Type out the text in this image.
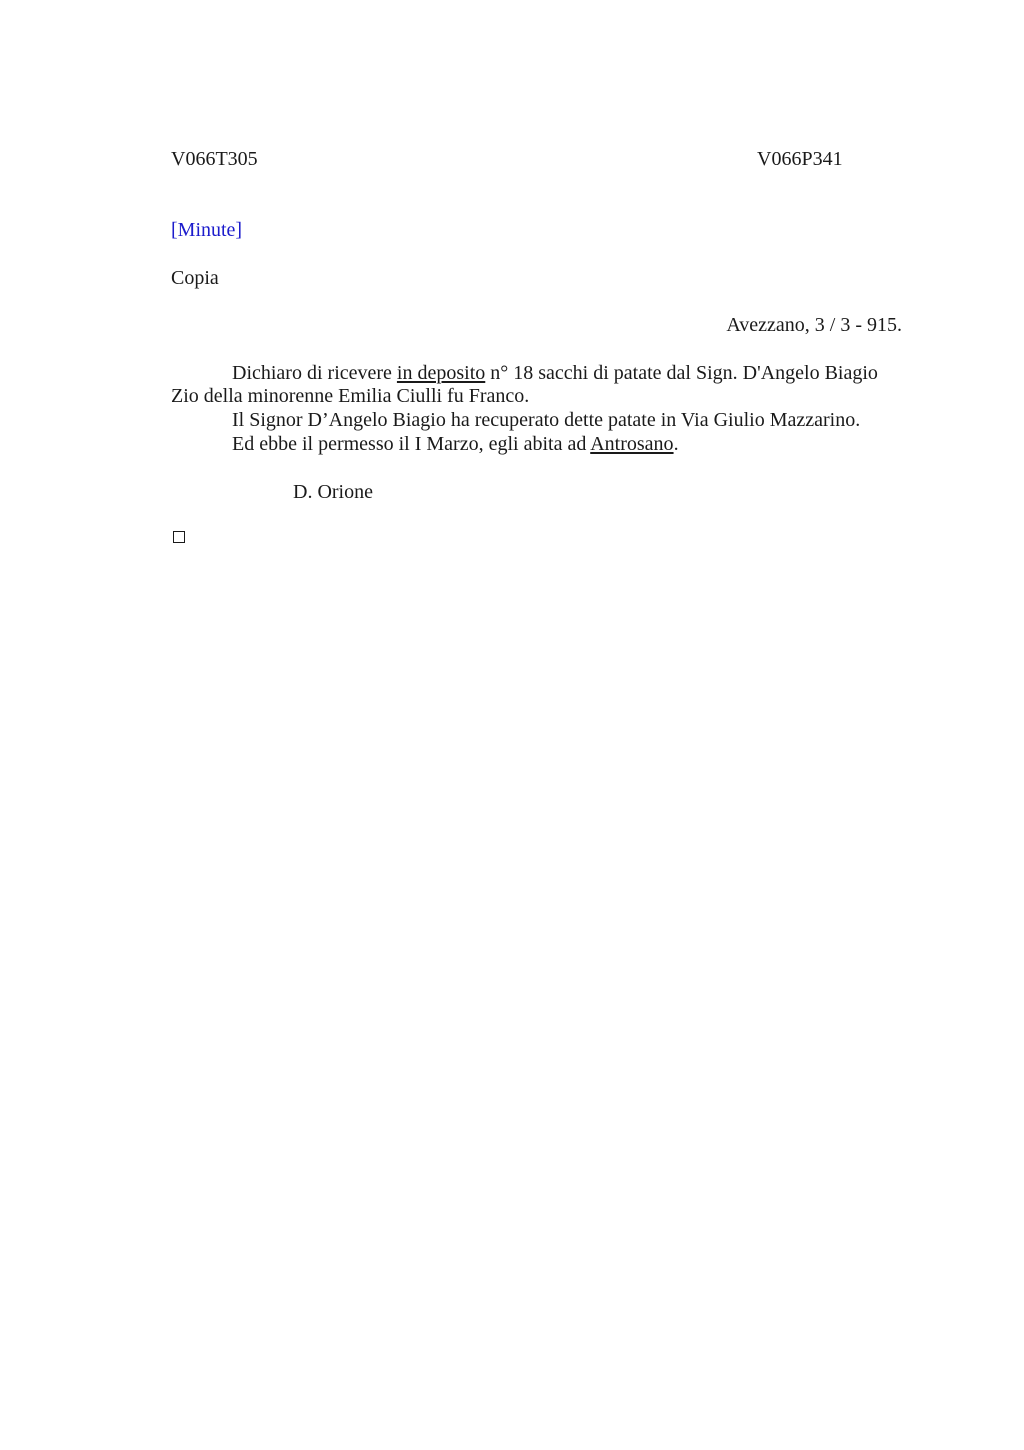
V066T305	V066P341
[Minute]
Copia
Avezzano, 3 / 3 - 915.
Dichiaro di ricevere in deposito n° 18 sacchi di patate dal Sign. D'Angelo Biagio
Zio della minorenne Emilia Ciulli fu Franco.
Il Signor D’Angelo Biagio ha recuperato dette patate in Via Giulio Mazzarino.
Ed ebbe il permesso il I Marzo, egli abita ad Antrosano.
D. Orione
